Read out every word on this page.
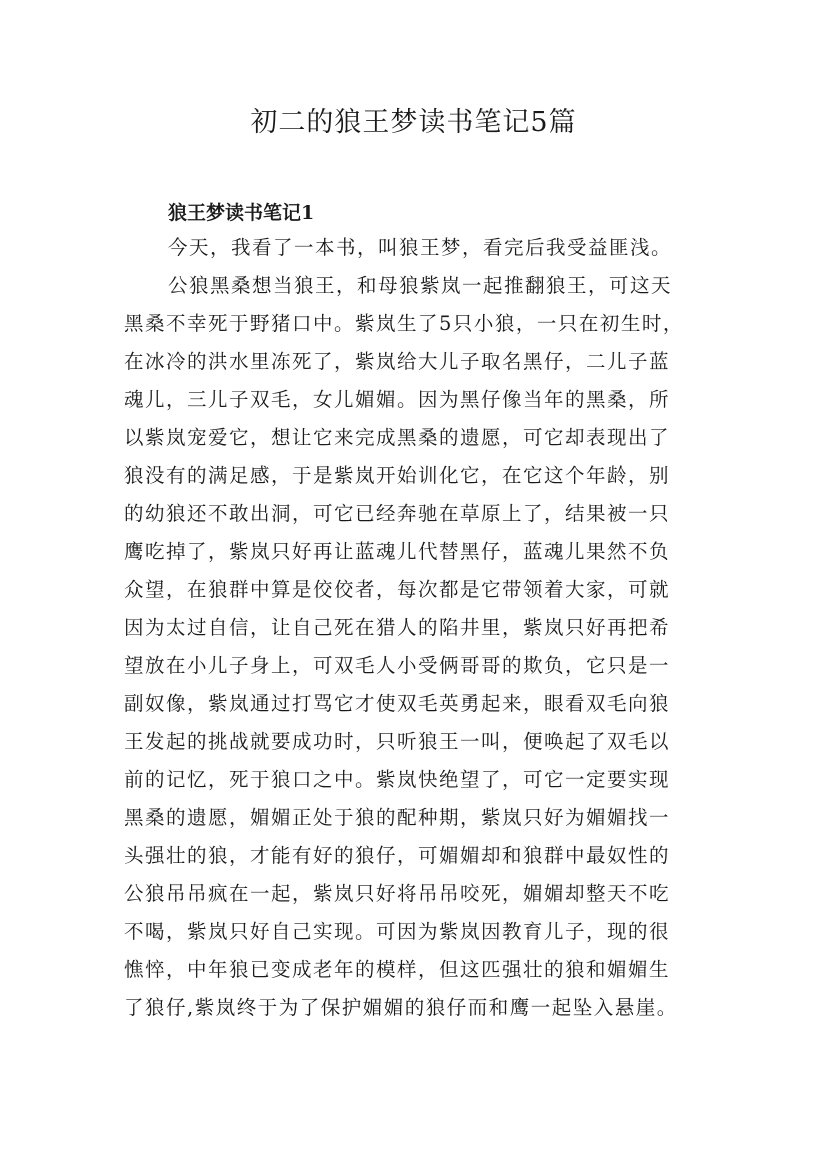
初二的狼王梦读书笔记5篇
狼王梦读书笔记1
今天，我看了一本书，叫狼王梦，看完后我受益匪浅。
公狼黑桑想当狼王，和母狼紫岚一起推翻狼王，可这天
黑桑不幸死于野猪口中。紫岚生了5只小狼，一只在初生时，
在冰冷的洪水里冻死了，紫岚给大儿子取名黑仔，二儿子蓝
魂儿，三儿子双毛，女儿媚媚。因为黑仔像当年的黑桑，所
以紫岚宠爱它，想让它来完成黑桑的遗愿，可它却表现出了
狼没有的满足感，于是紫岚开始训化它，在它这个年龄，别
的幼狼还不敢出洞，可它已经奔驰在草原上了，结果被一只
鹰吃掉了，紫岚只好再让蓝魂儿代替黑仔，蓝魂儿果然不负
众望，在狼群中算是佼佼者，每次都是它带领着大家，可就
因为太过自信，让自己死在猎人的陷井里，紫岚只好再把希
望放在小儿子身上，可双毛人小受俩哥哥的欺负，它只是一
副奴像，紫岚通过打骂它才使双毛英勇起来，眼看双毛向狼
王发起的挑战就要成功时，只听狼王一叫，便唤起了双毛以
前的记忆，死于狼口之中。紫岚快绝望了，可它一定要实现
黑桑的遗愿，媚媚正处于狼的配种期，紫岚只好为媚媚找一
头强壮的狼，才能有好的狼仔，可媚媚却和狼群中最奴性的
公狼吊吊疯在一起，紫岚只好将吊吊咬死，媚媚却整天不吃
不喝，紫岚只好自己实现。可因为紫岚因教育儿子，现的很
憔悴，中年狼已变成老年的模样，但这匹强壮的狼和媚媚生
了狼仔,紫岚终于为了保护媚媚的狼仔而和鹰一起坠入悬崖。
